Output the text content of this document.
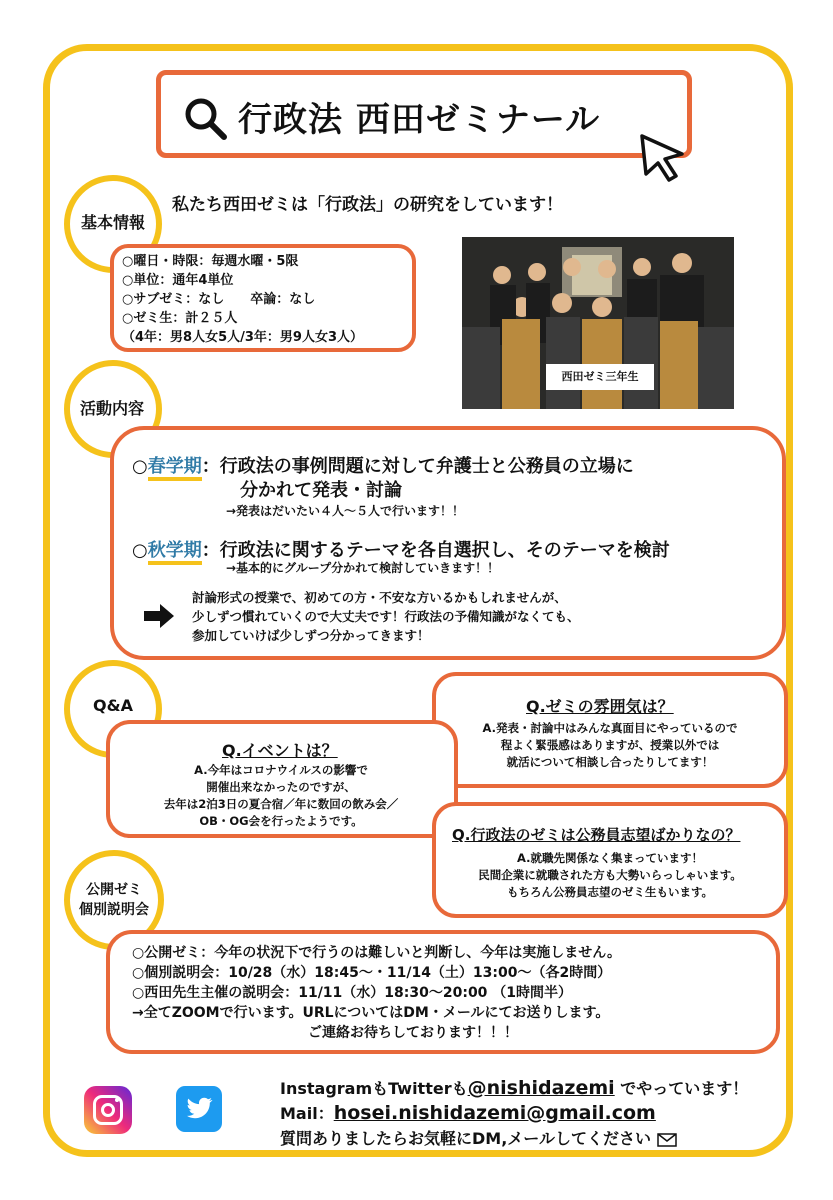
行政法 西田ゼミナール
私たち西田ゼミは「行政法」の研究をしています！
基本情報
○曜日・時限：毎週水曜・5限
○単位：通年4単位
○サブゼミ：なし　　卒論：なし
○ゼミ生：計２５人
（4年：男8人女5人/3年：男9人女3人）
西田ゼミ三年生
活動内容
○春学期：行政法の事例問題に対して弁護士と公務員の立場に
分かれて発表・討論
→発表はだいたい４人～５人で行います！！
○秋学期：行政法に関するテーマを各自選択し、そのテーマを検討
→基本的にグループ分かれて検討していきます！！
討論形式の授業で、初めての方・不安な方いるかもしれませんが、
少しずつ慣れていくので大丈夫です！行政法の予備知識がなくても、
参加していけば少しずつ分かってきます！
Q&A	Q.ゼミの雰囲気は？
A.発表・討論中はみんな真面目にやっているので
程よく緊張感はありますが、授業以外では
就活について相談し合ったりしてます！
Q.イベントは？
A.今年はコロナウイルスの影響で
開催出来なかったのですが、
去年は2泊3日の夏合宿／年に数回の飲み会／
OB・OG会を行ったようです。
Q.行政法のゼミは公務員志望ばかりなの？
A.就職先関係なく集まっています！
民間企業に就職された方も大勢いらっしゃいます。
もちろん公務員志望のゼミ生もいます。
公開ゼミ
個別説明会
○公開ゼミ：今年の状況下で行うのは難しいと判断し、今年は実施しません。
○個別説明会：10/28（水）18:45～・11/14（土）13:00～（各2時間）
○西田先生主催の説明会：11/11（水）18:30～20:00 （1時間半）
→全てZOOMで行います。URLについてはDM・メールにてお送りします。
ご連絡お待ちしております！！！
InstagramもTwitterも@nishidazemi でやっています！
Mail：hosei.nishidazemi@gmail.com
質問ありましたらお気軽にDM,メールしてください
